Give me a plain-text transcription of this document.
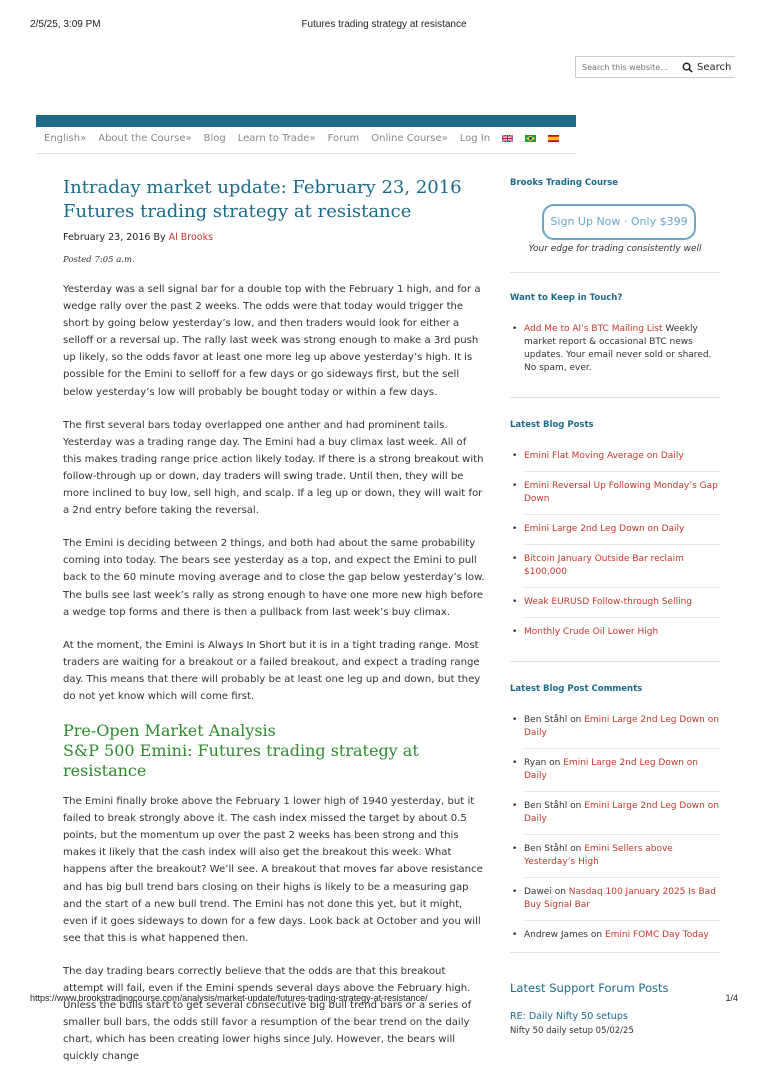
2/5/25, 3:09 PM	Futures trading strategy at resistance
Search this website...
Search
English» About the Course» Blog Learn to Trade» Forum Online Course» Log In
Intraday market update: February 23, 2016
Futures trading strategy at resistance
February 23, 2016 By Al Brooks
Posted 7:05 a.m.

Yesterday was a sell signal bar for a double top with the February 1 high, and for a wedge rally over the past 2 weeks. The odds were that today would trigger the short by going below yesterday’s low, and then traders would look for either a selloff or a reversal up. The rally last week was strong enough to make a 3rd push up likely, so the odds favor at least one more leg up above yesterday’s high. It is possible for the Emini to selloff for a few days or go sideways first, but the sell below yesterday’s low will probably be bought today or within a few days.

The first several bars today overlapped one anther and had prominent tails. Yesterday was a trading range day. The Emini had a buy climax last week. All of this makes trading range price action likely today. If there is a strong breakout with follow-through up or down, day traders will swing trade. Until then, they will be more inclined to buy low, sell high, and scalp. If a leg up or down, they will wait for a 2nd entry before taking the reversal.

The Emini is deciding between 2 things, and both had about the same probability coming into today. The bears see yesterday as a top, and expect the Emini to pull back to the 60 minute moving average and to close the gap below yesterday’s low. The bulls see last week’s rally as strong enough to have one more new high before a wedge top forms and there is then a pullback from last week’s buy climax.

At the moment, the Emini is Always In Short but it is in a tight trading range. Most traders are waiting for a breakout or a failed breakout, and expect a trading range day. This means that there will probably be at least one leg up and down, but they do not yet know which will come first.

Pre-Open Market Analysis
S&P 500 Emini: Futures trading strategy at resistance

The Emini finally broke above the February 1 lower high of 1940 yesterday, but it failed to break strongly above it. The cash index missed the target by about 0.5 points, but the momentum up over the past 2 weeks has been strong and this makes it likely that the cash index will also get the breakout this week. What happens after the breakout? We’ll see. A breakout that moves far above resistance and has big bull trend bars closing on their highs is likely to be a measuring gap and the start of a new bull trend. The Emini has not done this yet, but it might, even if it goes sideways to down for a few days. Look back at October and you will see that this is what happened then.

The day trading bears correctly believe that the odds are that this breakout attempt will fail, even if the Emini spends several days above the February high. Unless the bulls start to get several consecutive big bull trend bars or a series of smaller bull bars, the odds still favor a resumption of the bear trend on the daily chart, which has been creating lower highs since July. However, the bears will quickly change

Brooks Trading Course
Sign Up Now · Only $399
Your edge for trading consistently well
Want to Keep in Touch?
• Add Me to Al’s BTC Mailing List Weekly market report & occasional BTC news updates. Your email never sold or shared. No spam, ever.
Latest Blog Posts
• Emini Flat Moving Average on Daily
• Emini Reversal Up Following Monday’s Gap Down
• Emini Large 2nd Leg Down on Daily
• Bitcoin January Outside Bar reclaim $100,000
• Weak EURUSD Follow-through Selling
• Monthly Crude Oil Lower High
Latest Blog Post Comments
• Ben Ståhl on Emini Large 2nd Leg Down on Daily
• Ryan on Emini Large 2nd Leg Down on Daily
• Ben Ståhl on Emini Large 2nd Leg Down on Daily
• Ben Ståhl on Emini Sellers above Yesterday’s High
• Dawei on Nasdaq 100 January 2025 Is Bad Buy Signal Bar
• Andrew James on Emini FOMC Day Today
Latest Support Forum Posts
RE: Daily Nifty 50 setups
Nifty 50 daily setup 05/02/25
https://www.brookstradingcourse.com/analysis/market-update/futures-trading-strategy-at-resistance/	1/4
